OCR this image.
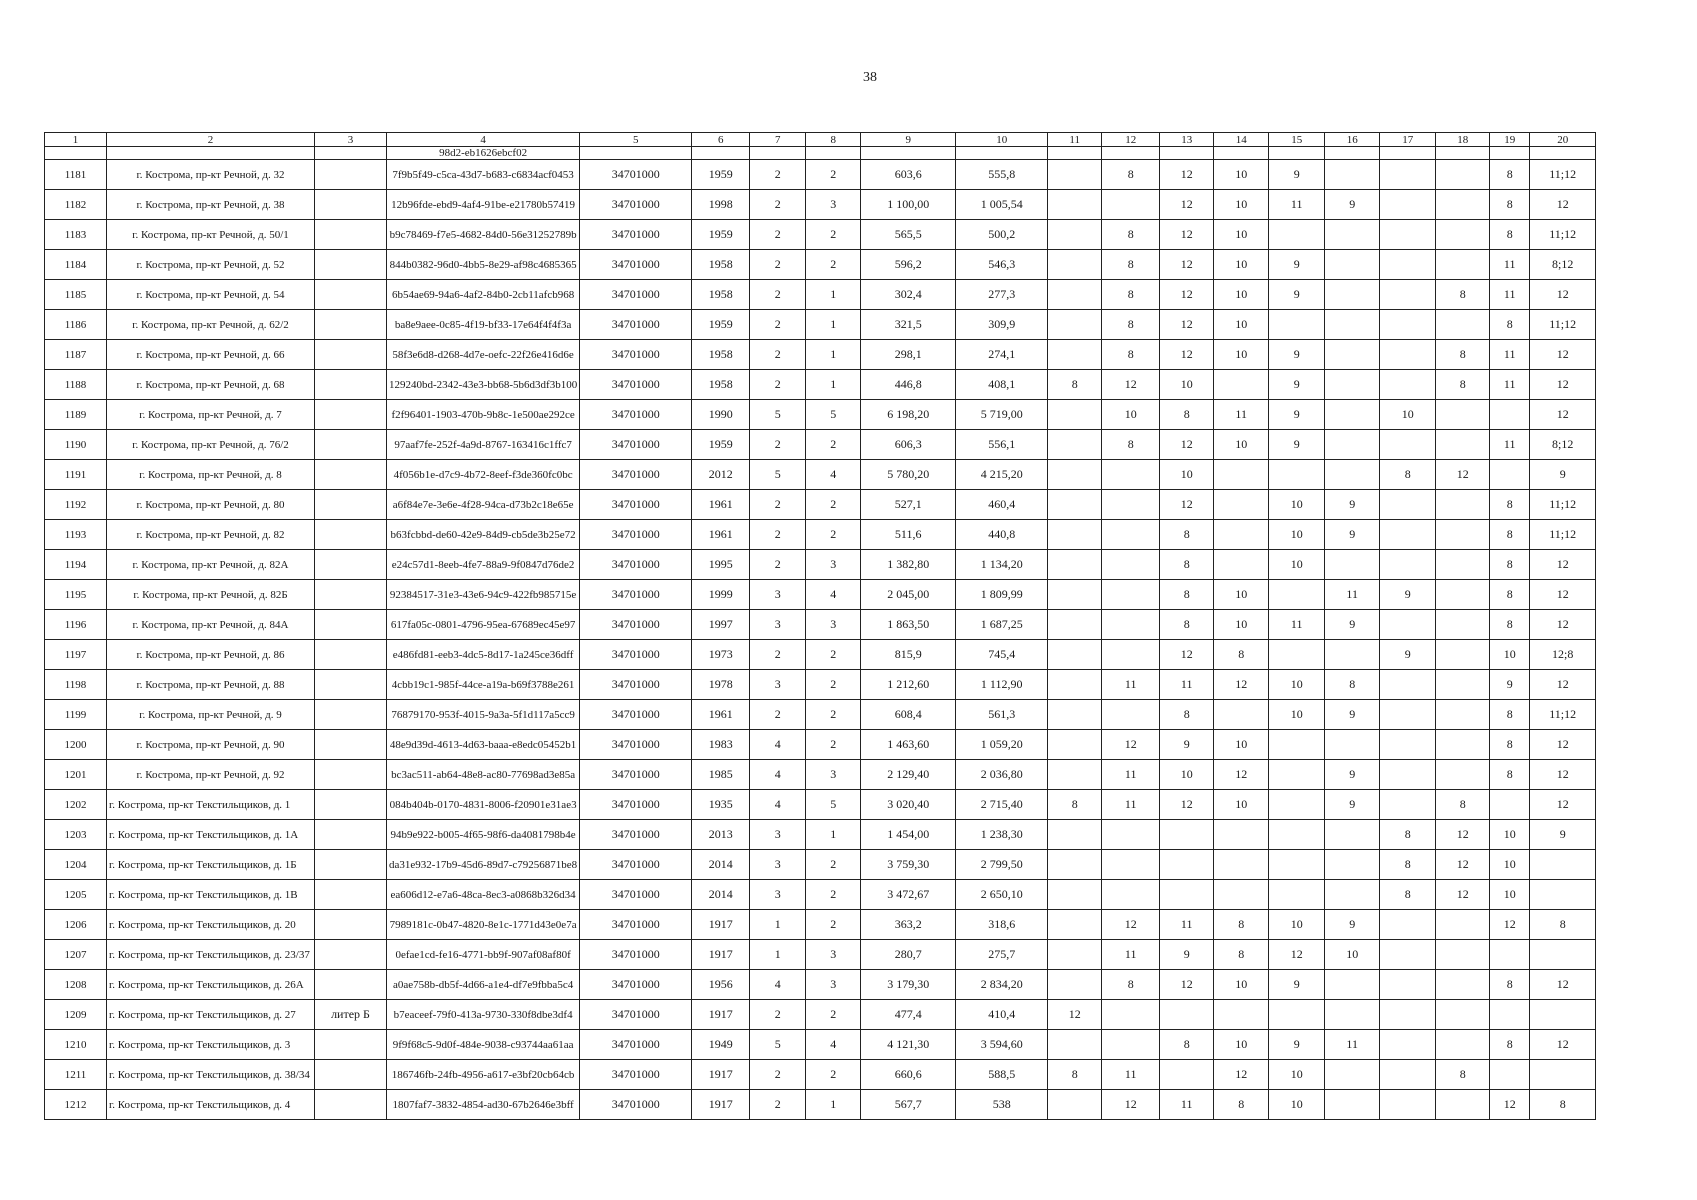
38
1	2	3	4	5	6	7	8	9	10	11	12	13	14	15	16	17	18	19	20
			98d2-eb1626ebcf02																
1181	г. Кострома, пр-кт Речной, д. 32		7f9b5f49-c5ca-43d7-b683-c6834acf0453	34701000	1959	2	2	603,6	555,8		8	12	10	9				8	11;12
1182	г. Кострома, пр-кт Речной, д. 38		12b96fde-ebd9-4af4-91be-e21780b57419	34701000	1998	2	3	1 100,00	1 005,54			12	10	11	9			8	12
1183	г. Кострома, пр-кт Речной, д. 50/1		b9c78469-f7e5-4682-84d0-56e31252789b	34701000	1959	2	2	565,5	500,2		8	12	10					8	11;12
1184	г. Кострома, пр-кт Речной, д. 52		844b0382-96d0-4bb5-8e29-af98c4685365	34701000	1958	2	2	596,2	546,3		8	12	10	9				11	8;12
1185	г. Кострома, пр-кт Речной, д. 54		6b54ae69-94a6-4af2-84b0-2cb11afcb968	34701000	1958	2	1	302,4	277,3		8	12	10	9			8	11	12
1186	г. Кострома, пр-кт Речной, д. 62/2		ba8e9aee-0c85-4f19-bf33-17e64f4f4f3a	34701000	1959	2	1	321,5	309,9		8	12	10					8	11;12
1187	г. Кострома, пр-кт Речной, д. 66		58f3e6d8-d268-4d7e-oefc-22f26e416d6e	34701000	1958	2	1	298,1	274,1		8	12	10	9			8	11	12
1188	г. Кострома, пр-кт Речной, д. 68		129240bd-2342-43e3-bb68-5b6d3df3b100	34701000	1958	2	1	446,8	408,1	8	12	10		9			8	11	12
1189	г. Кострома, пр-кт Речной, д. 7		f2f96401-1903-470b-9b8c-1e500ae292ce	34701000	1990	5	5	6 198,20	5 719,00		10	8	11	9		10			12
1190	г. Кострома, пр-кт Речной, д. 76/2		97aaf7fe-252f-4a9d-8767-163416c1ffc7	34701000	1959	2	2	606,3	556,1		8	12	10	9				11	8;12
1191	г. Кострома, пр-кт Речной, д. 8		4f056b1e-d7c9-4b72-8eef-f3de360fc0bc	34701000	2012	5	4	5 780,20	4 215,20			10				8	12		9
1192	г. Кострома, пр-кт Речной, д. 80		a6f84e7e-3e6e-4f28-94ca-d73b2c18e65e	34701000	1961	2	2	527,1	460,4			12		10	9			8	11;12
1193	г. Кострома, пр-кт Речной, д. 82		b63fcbbd-de60-42e9-84d9-cb5de3b25e72	34701000	1961	2	2	511,6	440,8			8		10	9			8	11;12
1194	г. Кострома, пр-кт Речной, д. 82А		e24c57d1-8eeb-4fe7-88a9-9f0847d76de2	34701000	1995	2	3	1 382,80	1 134,20			8		10				8	12
1195	г. Кострома, пр-кт Речной, д. 82Б		92384517-31e3-43e6-94c9-422fb985715e	34701000	1999	3	4	2 045,00	1 809,99			8	10		11	9		8	12
1196	г. Кострома, пр-кт Речной, д. 84А		617fa05c-0801-4796-95ea-67689ec45e97	34701000	1997	3	3	1 863,50	1 687,25			8	10	11	9			8	12
1197	г. Кострома, пр-кт Речной, д. 86		e486fd81-eeb3-4dc5-8d17-1a245ce36dff	34701000	1973	2	2	815,9	745,4			12	8			9		10	12;8
1198	г. Кострома, пр-кт Речной, д. 88		4cbb19c1-985f-44ce-a19a-b69f3788e261	34701000	1978	3	2	1 212,60	1 112,90		11	11	12	10	8			9	12
1199	г. Кострома, пр-кт Речной, д. 9		76879170-953f-4015-9a3a-5f1d117a5cc9	34701000	1961	2	2	608,4	561,3			8		10	9			8	11;12
1200	г. Кострома, пр-кт Речной, д. 90		48e9d39d-4613-4d63-baaa-e8edc05452b1	34701000	1983	4	2	1 463,60	1 059,20		12	9	10					8	12
1201	г. Кострома, пр-кт Речной, д. 92		bc3ac511-ab64-48e8-ac80-77698ad3e85a	34701000	1985	4	3	2 129,40	2 036,80		11	10	12		9			8	12
1202	г. Кострома, пр-кт Текстильщиков, д. 1		084b404b-0170-4831-8006-f20901e31ae3	34701000	1935	4	5	3 020,40	2 715,40	8	11	12	10		9		8		12
1203	г. Кострома, пр-кт Текстильщиков, д. 1А		94b9e922-b005-4f65-98f6-da4081798b4e	34701000	2013	3	1	1 454,00	1 238,30							8	12	10	9
1204	г. Кострома, пр-кт Текстильщиков, д. 1Б		da31e932-17b9-45d6-89d7-c79256871be8	34701000	2014	3	2	3 759,30	2 799,50							8	12	10	
1205	г. Кострома, пр-кт Текстильщиков, д. 1В		ea606d12-e7a6-48ca-8ec3-a0868b326d34	34701000	2014	3	2	3 472,67	2 650,10							8	12	10	
1206	г. Кострома, пр-кт Текстильщиков, д. 20		7989181c-0b47-4820-8e1c-1771d43e0e7a	34701000	1917	1	2	363,2	318,6		12	11	8	10	9			12	8
1207	г. Кострома, пр-кт Текстильщиков, д. 23/37		0efae1cd-fe16-4771-bb9f-907af08af80f	34701000	1917	1	3	280,7	275,7		11	9	8	12	10				
1208	г. Кострома, пр-кт Текстильщиков, д. 26А		a0ae758b-db5f-4d66-a1e4-df7e9fbba5c4	34701000	1956	4	3	3 179,30	2 834,20		8	12	10	9				8	12
1209	г. Кострома, пр-кт Текстильщиков, д. 27	литер Б	b7eaceef-79f0-413a-9730-330f8dbe3df4	34701000	1917	2	2	477,4	410,4	12									
1210	г. Кострома, пр-кт Текстильщиков, д. 3		9f9f68c5-9d0f-484e-9038-c93744aa61aa	34701000	1949	5	4	4 121,30	3 594,60			8	10	9	11			8	12
1211	г. Кострома, пр-кт Текстильщиков, д. 38/34		186746fb-24fb-4956-a617-e3bf20cb64cb	34701000	1917	2	2	660,6	588,5	8	11		12	10			8		
1212	г. Кострома, пр-кт Текстильщиков, д. 4		1807faf7-3832-4854-ad30-67b2646e3bff	34701000	1917	2	1	567,7	538		12	11	8	10				12	8
